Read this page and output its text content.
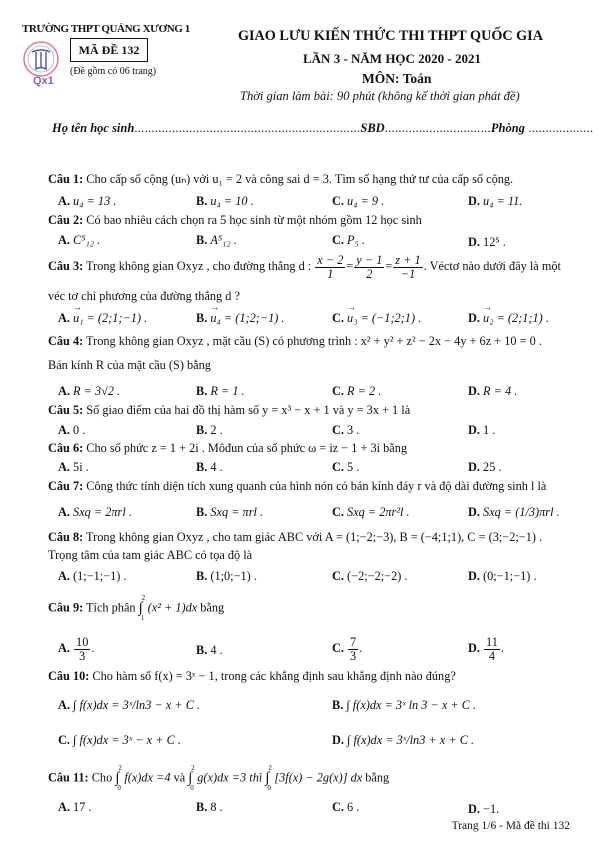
TRƯỜNG THPT QUẢNG XƯƠNG 1
Qx1
MÃ ĐỀ 132
(Đề gồm có 06 trang)
GIAO LƯU KIẾN THỨC THI THPT QUỐC GIA
LẦN 3 - NĂM HỌC 2020 - 2021
MÔN: Toán
Thời gian làm bài: 90 phút (không kể thời gian phát đề)
Họ tên học sinh..................................................................SBD...............................Phòng ...................
Câu 1: Cho cấp số cộng (uₙ) với u₁ = 2 và công sai d = 3. Tìm số hạng thứ tư của cấp số cộng.
A. u₄ = 13 .	B. u₄ = 10 .	C. u₄ = 9 .	D. u₄ = 11.
Câu 2: Có bao nhiêu cách chọn ra 5 học sinh từ một nhóm gồm 12 học sinh
A. C⁵₁₂ .	B. A⁵₁₂ .	C. P₅ .	D. 12⁵ .
Câu 3: Trong không gian Oxyz , cho đường thẳng d : $\frac{x - 2}{1} = \frac{y - 1}{2} = \frac{z + 1}{-1}$ . Véctơ nào dưới đây là một
véc tơ chỉ phương của đường thẳng d ?
A. → u₁ = (2;1;−1) .	B. → u₄ = (1;2;−1) .	C. → u₃ = (−1;2;1) .	D. → u₂ = (2;1;1) .
Câu 4: Trong không gian Oxyz , mặt cầu (S) có phương trình : x² + y² + z² − 2x − 4y + 6z + 10 = 0 .
Bán kính R của mặt cầu (S) bằng
A. R = 3√2 .	B. R = 1 .	C. R = 2 .	D. R = 4 .
Câu 5: Số giao điểm của hai đồ thị hàm số y = x³ − x + 1 và y = 3x + 1 là
A. 0 .	B. 2 .	C. 3 .	D. 1 .
Câu 6: Cho số phức z = 1 + 2i . Môđun của số phức ω = iz − 1 + 3i bằng
A. 5i .	B. 4 .	C. 5 .	D. 25 .
Câu 7: Công thức tính diện tích xung quanh của hình nón có bán kính đáy r và độ dài đường sinh l là
A. Sxq = 2πrl .	B. Sxq = πrl .	C. Sxq = 2πr²l .	D. Sxq = (1/3)πrl .
Câu 8: Trong không gian Oxyz , cho tam giác ABC với A = (1;−2;−3), B = (−4;1;1), C = (3;−2;−1) .
Trọng tâm của tam giác ABC có tọa độ là
A. (1;−1;−1) .	B. (1;0;−1) .	C. (−2;−2;−2) .	D. (0;−1;−1) .
Câu 9: Tích phân ∫
2
1
(x² + 1)dx bằng
A. $\frac{10}{3}$ .	B. 4 .	C. $\frac{7}{3}$ .	D. $\frac{11}{4}$ .
Câu 10: Cho hàm số f(x) = 3ˣ − 1, trong các khẳng định sau khẳng định nào đúng?
A. ∫ f(x)dx = 3ˣ/ln3 − x + C .	B. ∫ f(x)dx = 3ˣ ln 3 − x + C .
C. ∫ f(x)dx = 3ˣ − x + C .	D. ∫ f(x)dx = 3ˣ/ln3 + x + C .
Câu 11: Cho ∫
2
0
f(x)dx =4 và ∫
2
0
g(x)dx =3 thì ∫
2
0
[3f(x) − 2g(x)] dx bằng
A. 17 .	B. 8 .	C. 6 .	D. −1.
Trang 1/6 - Mã đề thi 132
